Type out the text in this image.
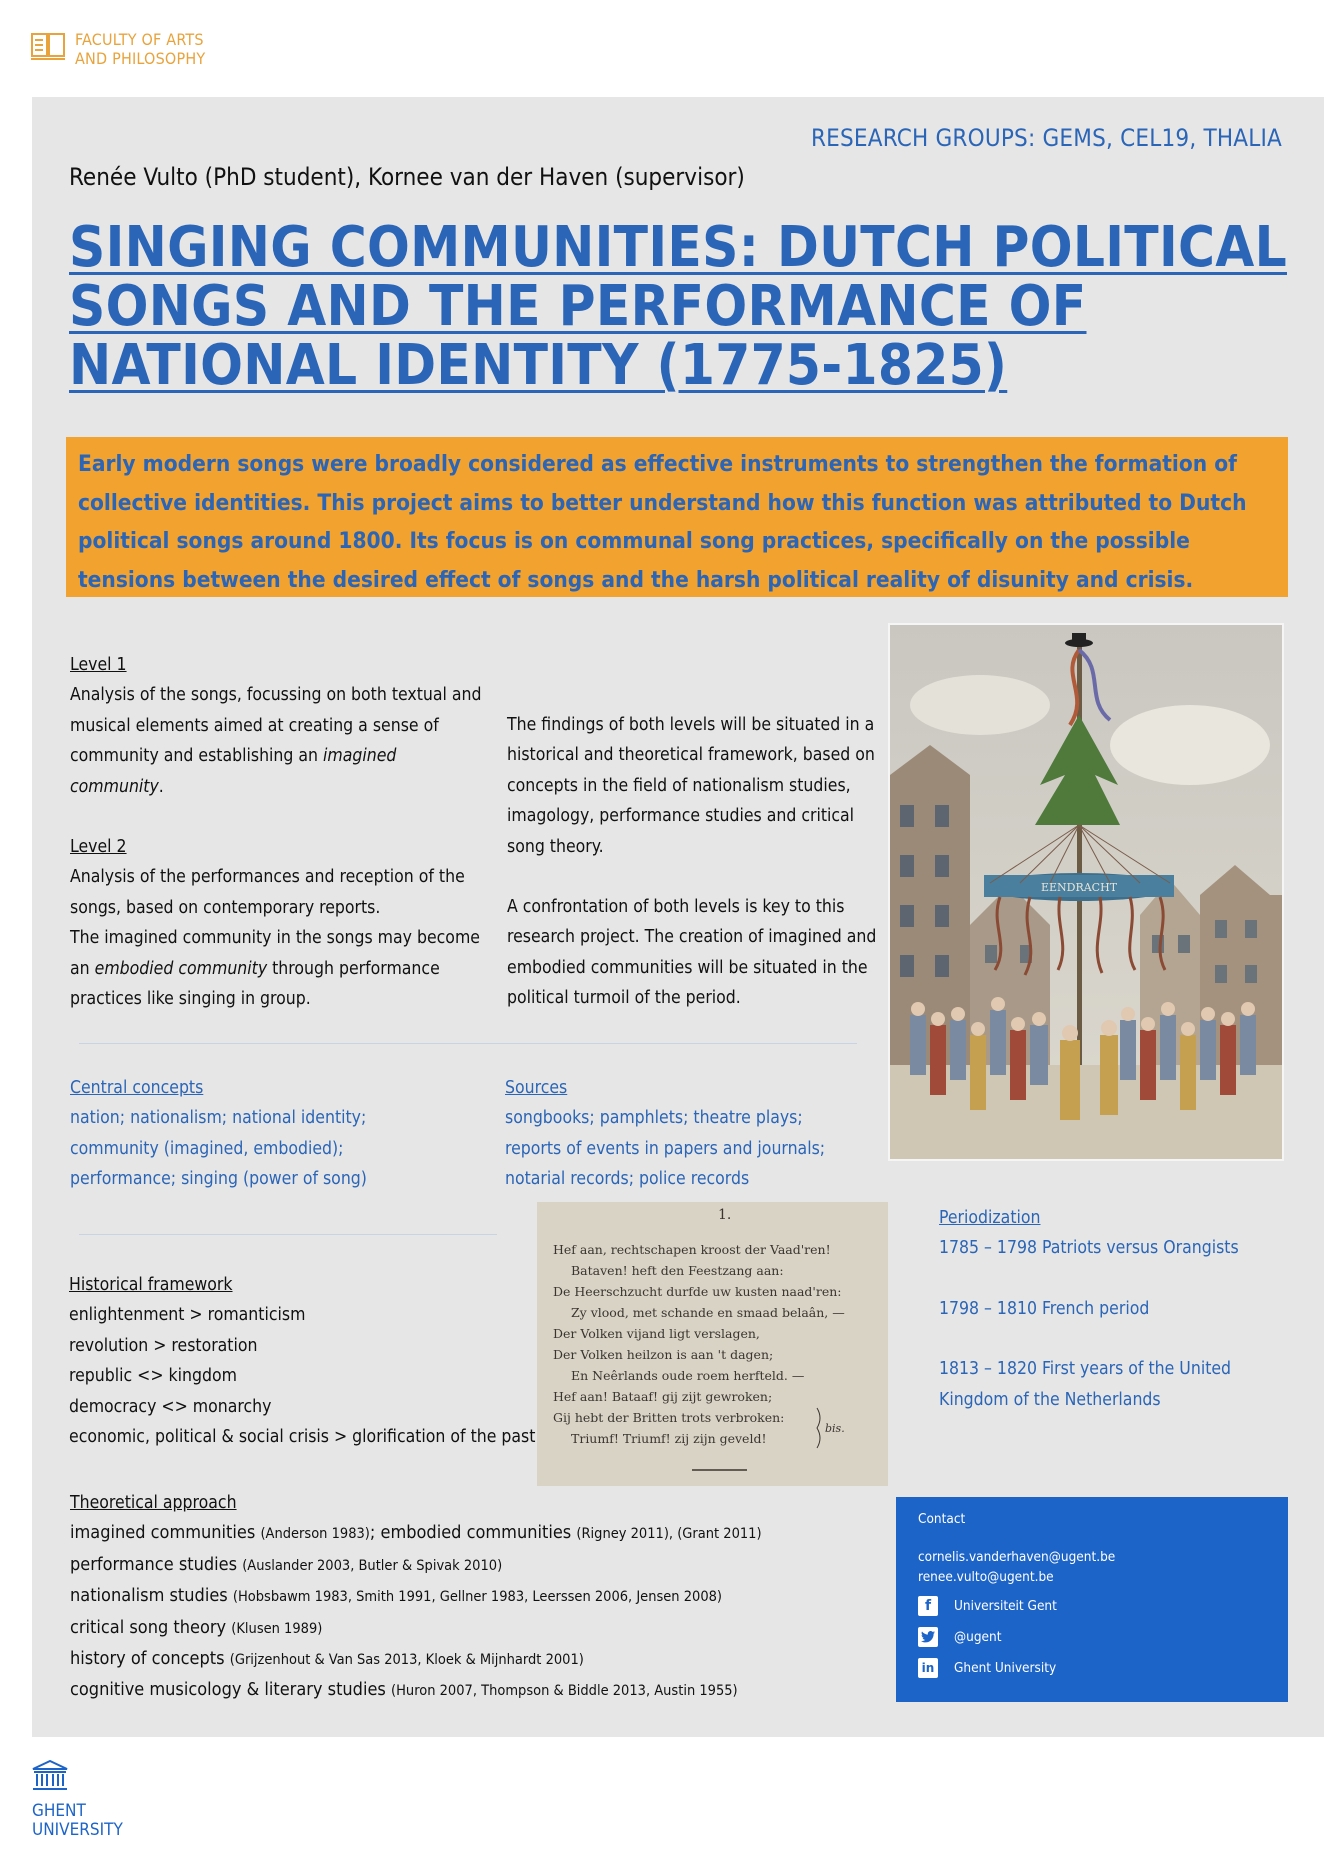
FACULTY OF ARTS
AND PHILOSOPHY
RESEARCH GROUPS: GEMS, CEL19, THALIA
Renée Vulto (PhD student), Kornee van der Haven (supervisor)
SINGING COMMUNITIES: DUTCH POLITICAL SONGS AND THE PERFORMANCE OF NATIONAL IDENTITY (1775-1825)
Early modern songs were broadly considered as effective instruments to strengthen the formation of collective identities. This project aims to better understand how this function was attributed to Dutch political songs around 1800. Its focus is on communal song practices, specifically on the possible tensions between the desired effect of songs and the harsh political reality of disunity and crisis.
Level 1
Analysis of the songs, focussing on both textual and musical elements aimed at creating a sense of community and establishing an imagined community.
Level 2
Analysis of the performances and reception of the songs, based on contemporary reports.
The imagined community in the songs may become an embodied community through performance practices like singing in group.
The findings of both levels will be situated in a historical and theoretical framework, based on concepts in the field of nationalism studies, imagology, performance studies and critical song theory.
A confrontation of both levels is key to this research project. The creation of imagined and embodied communities will be situated in the political turmoil of the period.
EENDRACHT
Central concepts
nation; nationalism; national identity;
community (imagined, embodied);
performance; singing (power of song)
Sources
songbooks; pamphlets; theatre plays;
reports of events in papers and journals;
notarial records; police records
1.
Hef aan, rechtschapen kroost der Vaad'ren!
Bataven! heft den Feestzang aan:
De Heerschzucht durfde uw kusten naad'ren:
Zy vlood, met schande en smaad belaân, —
Der Volken vijand ligt verslagen,
Der Volken heilzon is aan 't dagen;
En Neêrlands oude roem herfteld. —
Hef aan! Bataaf! gij zijt gewroken;
Gij hebt der Britten trots verbroken:
Triumf! Triumf! zij zijn geveld!
bis.
Periodization
1785 – 1798 Patriots versus Orangists
1798 – 1810 French period
1813 – 1820 First years of the United Kingdom of the Netherlands
Historical framework
enlightenment > romanticism
revolution > restoration
republic <> kingdom
democracy <> monarchy
economic, political & social crisis > glorification of the past
Theoretical approach
imagined communities (Anderson 1983); embodied communities (Rigney 2011), (Grant 2011)
performance studies (Auslander 2003, Butler & Spivak 2010)
nationalism studies (Hobsbawm 1983, Smith 1991, Gellner 1983, Leerssen 2006, Jensen 2008)
critical song theory (Klusen 1989)
history of concepts (Grijzenhout & Van Sas 2013, Kloek & Mijnhardt 2001)
cognitive musicology & literary studies (Huron 2007, Thompson & Biddle 2013, Austin 1955)
Contact
cornelis.vanderhaven@ugent.be
renee.vulto@ugent.be
f	Universiteit Gent
@ugent
in Ghent University
GHENT
UNIVERSITY
